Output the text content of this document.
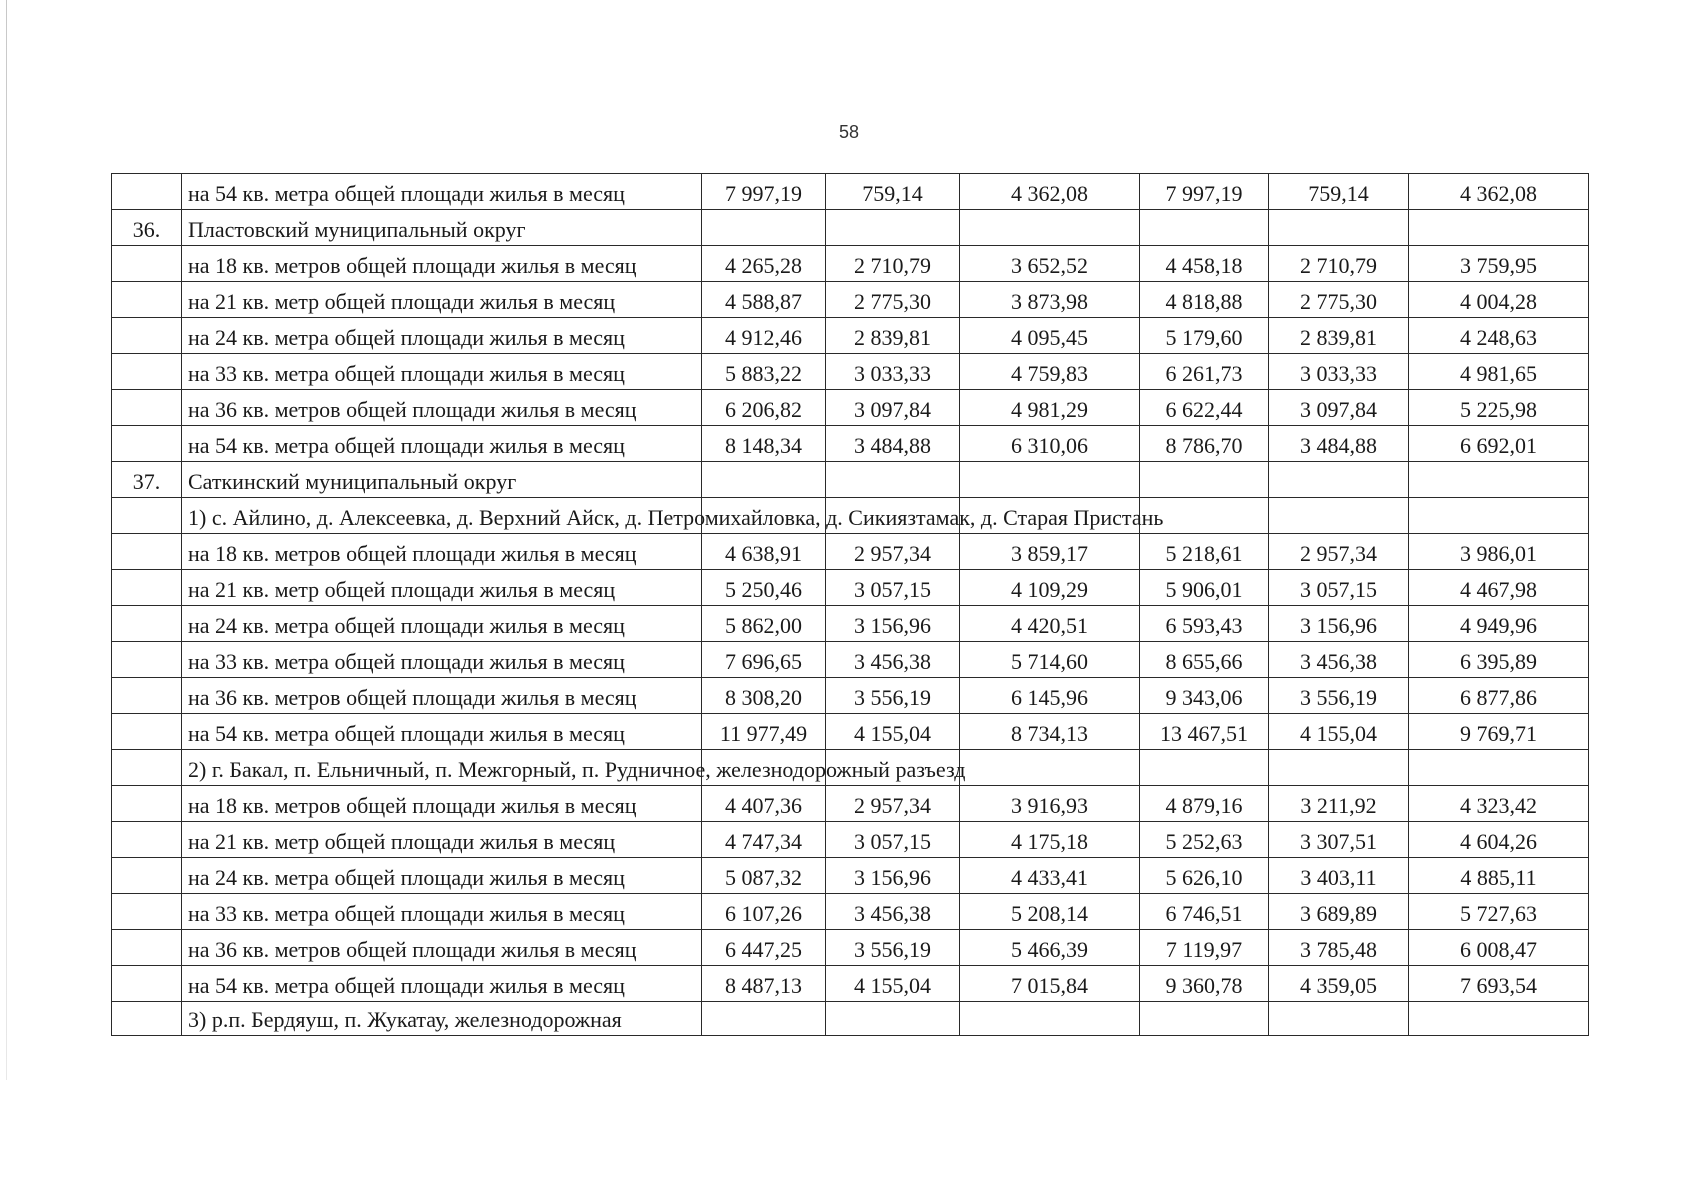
58
	на 54 кв. метра общей площади жилья в месяц	7 997,19	759,14	4 362,08	7 997,19	759,14	4 362,08
36.	Пластовский муниципальный округ						
	на 18 кв. метров общей площади жилья в месяц	4 265,28	2 710,79	3 652,52	4 458,18	2 710,79	3 759,95
	на 21 кв. метр общей площади жилья в месяц	4 588,87	2 775,30	3 873,98	4 818,88	2 775,30	4 004,28
	на 24 кв. метра общей площади жилья в месяц	4 912,46	2 839,81	4 095,45	5 179,60	2 839,81	4 248,63
	на 33 кв. метра общей площади жилья в месяц	5 883,22	3 033,33	4 759,83	6 261,73	3 033,33	4 981,65
	на 36 кв. метров общей площади жилья в месяц	6 206,82	3 097,84	4 981,29	6 622,44	3 097,84	5 225,98
	на 54 кв. метра общей площади жилья в месяц	8 148,34	3 484,88	6 310,06	8 786,70	3 484,88	6 692,01
37.	Саткинский муниципальный округ						
	1) с. Айлино, д. Алексеевка, д. Верхний Айск, д. Петромихайловка, д. Сикиязтамак, д. Старая Пристань						
	на 18 кв. метров общей площади жилья в месяц	4 638,91	2 957,34	3 859,17	5 218,61	2 957,34	3 986,01
	на 21 кв. метр общей площади жилья в месяц	5 250,46	3 057,15	4 109,29	5 906,01	3 057,15	4 467,98
	на 24 кв. метра общей площади жилья в месяц	5 862,00	3 156,96	4 420,51	6 593,43	3 156,96	4 949,96
	на 33 кв. метра общей площади жилья в месяц	7 696,65	3 456,38	5 714,60	8 655,66	3 456,38	6 395,89
	на 36 кв. метров общей площади жилья в месяц	8 308,20	3 556,19	6 145,96	9 343,06	3 556,19	6 877,86
	на 54 кв. метра общей площади жилья в месяц	11 977,49	4 155,04	8 734,13	13 467,51	4 155,04	9 769,71
	2) г. Бакал, п. Ельничный, п. Межгорный, п. Рудничное, железнодорожный разъезд						
	на 18 кв. метров общей площади жилья в месяц	4 407,36	2 957,34	3 916,93	4 879,16	3 211,92	4 323,42
	на 21 кв. метр общей площади жилья в месяц	4 747,34	3 057,15	4 175,18	5 252,63	3 307,51	4 604,26
	на 24 кв. метра общей площади жилья в месяц	5 087,32	3 156,96	4 433,41	5 626,10	3 403,11	4 885,11
	на 33 кв. метра общей площади жилья в месяц	6 107,26	3 456,38	5 208,14	6 746,51	3 689,89	5 727,63
	на 36 кв. метров общей площади жилья в месяц	6 447,25	3 556,19	5 466,39	7 119,97	3 785,48	6 008,47
	на 54 кв. метра общей площади жилья в месяц	8 487,13	4 155,04	7 015,84	9 360,78	4 359,05	7 693,54
	3) р.п. Бердяуш, п. Жукатау, железнодорожная						
